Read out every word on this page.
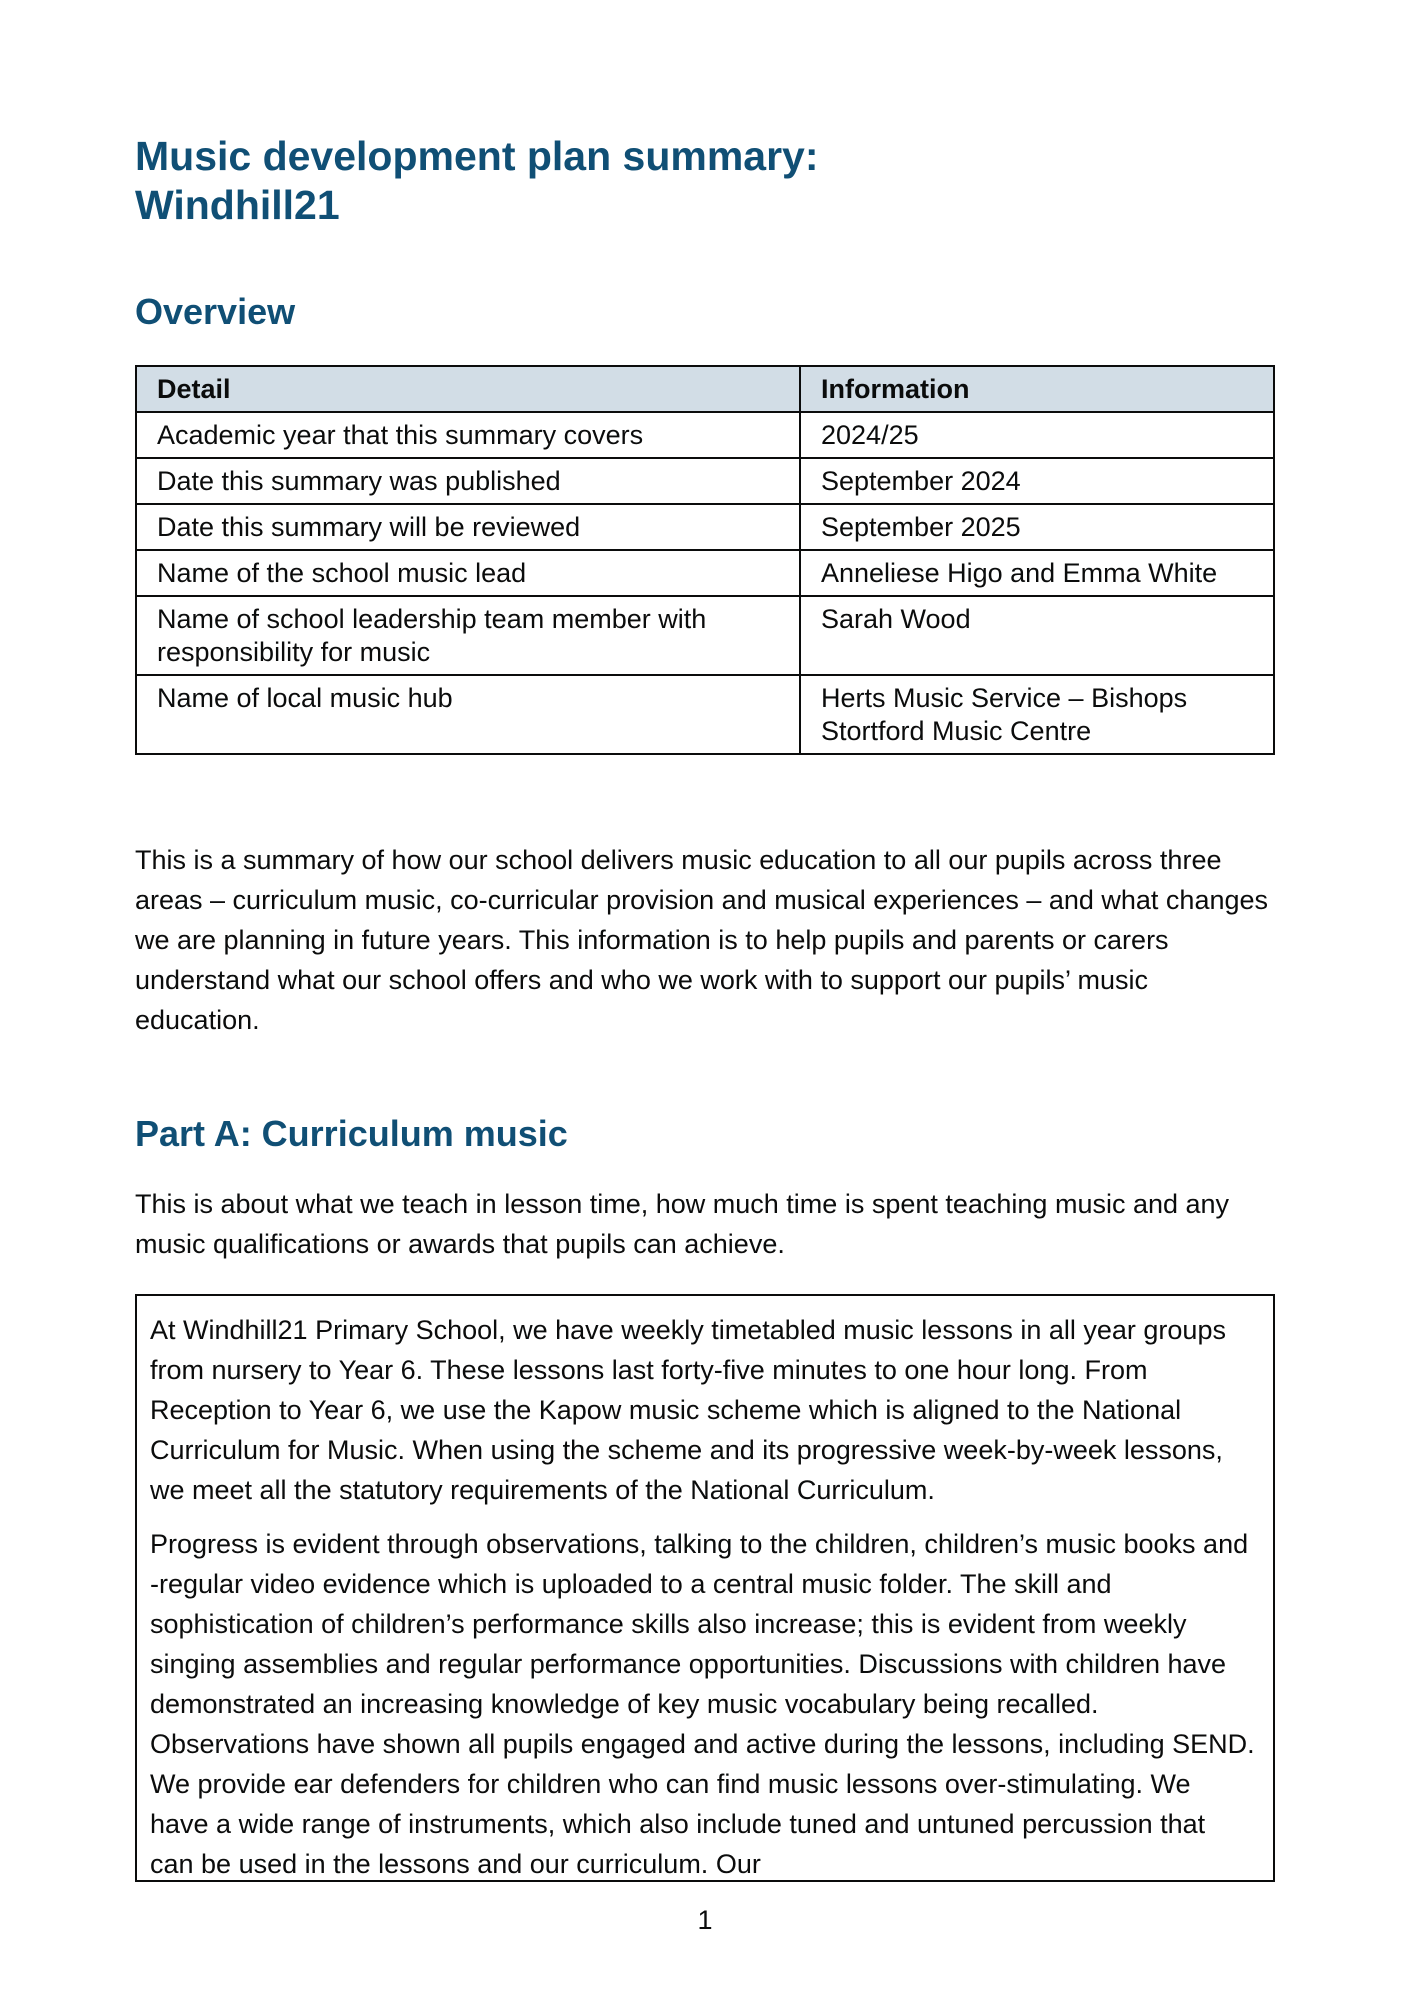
Music development plan summary:
Windhill21
Overview
Detail	Information
Academic year that this summary covers	2024/25
Date this summary was published	September 2024
Date this summary will be reviewed	September 2025
Name of the school music lead	Anneliese Higo and Emma White
Name of school leadership team member with responsibility for music	Sarah Wood
Name of local music hub	Herts Music Service – Bishops Stortford Music Centre

This is a summary of how our school delivers music education to all our pupils across three areas – curriculum music, co-curricular provision and musical experiences – and what changes we are planning in future years. This information is to help pupils and parents or carers understand what our school offers and who we work with to support our pupils’ music education.

Part A: Curriculum music

This is about what we teach in lesson time, how much time is spent teaching music and any music qualifications or awards that pupils can achieve.

At Windhill21 Primary School, we have weekly timetabled music lessons in all year groups from nursery to Year 6. These lessons last forty-five minutes to one hour long. From Reception to Year 6, we use the Kapow music scheme which is aligned to the National Curriculum for Music. When using the scheme and its progressive week-by-week lessons, we meet all the statutory requirements of the National Curriculum.

Progress is evident through observations, talking to the children, children’s music books and -regular video evidence which is uploaded to a central music folder. The skill and sophistication of children’s performance skills also increase; this is evident from weekly singing assemblies and regular performance opportunities. Discussions with children have demonstrated an increasing knowledge of key music vocabulary being recalled. Observations have shown all pupils engaged and active during the lessons, including SEND. We provide ear defenders for children who can find music lessons over-stimulating. We have a wide range of instruments, which also include tuned and untuned percussion that can be used in the lessons and our curriculum. Our

1
